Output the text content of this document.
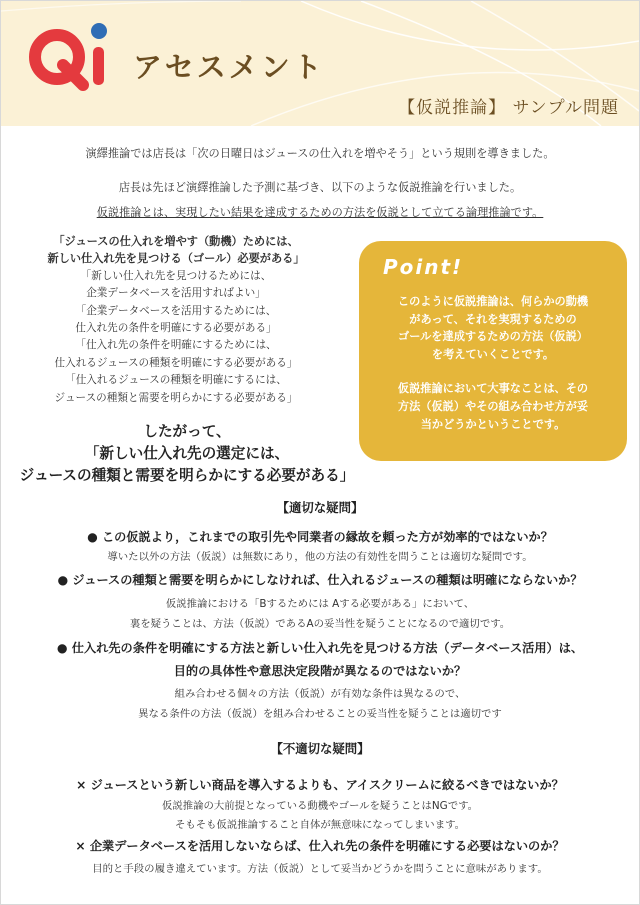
アセスメント
【仮説推論】 サンプル問題
演繹推論では店長は「次の日曜日はジュースの仕入れを増やそう」という規則を導きました。
店長は先ほど演繹推論した予測に基づき、以下のような仮説推論を行いました。
仮説推論とは、実現したい結果を達成するための方法を仮説として立てる論理推論です。
「ジュースの仕入れを増やす（動機）ためには、
新しい仕入れ先を見つける（ゴール）必要がある」
「新しい仕入れ先を見つけるためには、
企業データベースを活用すればよい」
「企業データベースを活用するためには、
仕入れ先の条件を明確にする必要がある」
「仕入れ先の条件を明確にするためには、
仕入れるジュースの種類を明確にする必要がある」
「仕入れるジュースの種類を明確にするには、
ジュースの種類と需要を明らかにする必要がある」
したがって、
「新しい仕入れ先の選定には、
ジュースの種類と需要を明らかにする必要がある」
Point!
このように仮説推論は、何らかの動機
があって、それを実現するための
ゴールを達成するための方法（仮説）
を考えていくことです。
仮説推論において大事なことは、その
方法（仮説）やその組み合わせ方が妥
当かどうかということです。
【適切な疑問】
● この仮説より，これまでの取引先や同業者の縁故を頼った方が効率的ではないか？
導いた以外の方法（仮説）は無数にあり，他の方法の有効性を問うことは適切な疑問です。
● ジュースの種類と需要を明らかにしなければ、仕入れるジュースの種類は明確にならないか？
仮説推論における「Bするためには Aする必要がある」において、
裏を疑うことは、方法（仮説）であるAの妥当性を疑うことになるので適切です。
● 仕入れ先の条件を明確にする方法と新しい仕入れ先を見つける方法（データベース活用）は、
目的の具体性や意思決定段階が異なるのではないか？
組み合わせる個々の方法（仮説）が有効な条件は異なるので、
異なる条件の方法（仮説）を組み合わせることの妥当性を疑うことは適切です
【不適切な疑問】
× ジュースという新しい商品を導入するよりも、アイスクリームに絞るべきではないか？
仮説推論の大前提となっている動機やゴールを疑うことはNGです。
そもそも仮説推論すること自体が無意味になってしまいます。
× 企業データベースを活用しないならば、仕入れ先の条件を明確にする必要はないのか？
目的と手段の履き違えています。方法（仮説）として妥当かどうかを問うことに意味があります。
